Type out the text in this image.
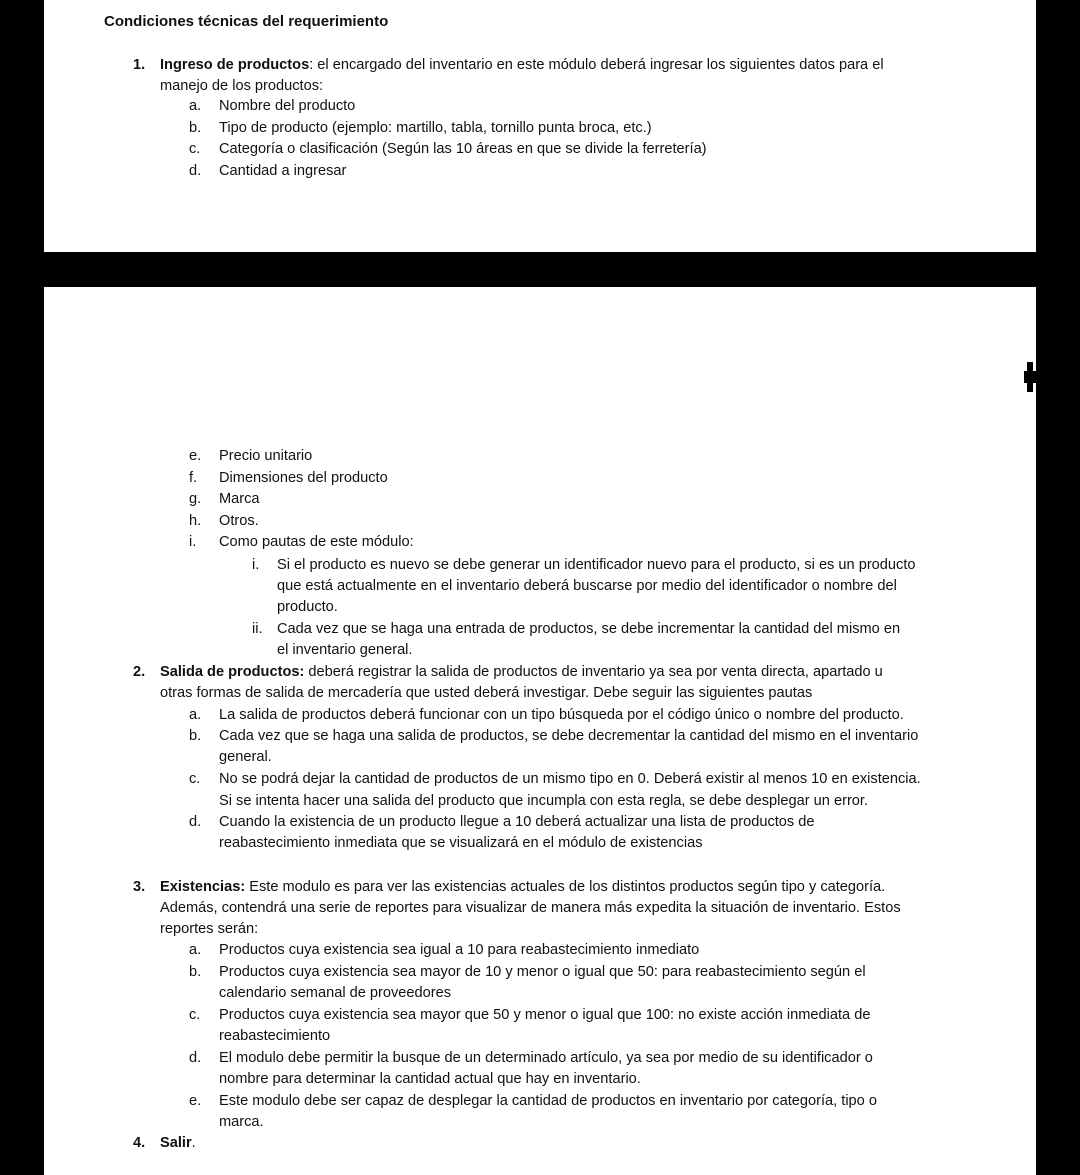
Condiciones técnicas del requerimiento
1. Ingreso de productos: el encargado del inventario en este módulo deberá ingresar los siguientes datos para el
manejo de los productos:
a. Nombre del producto
b. Tipo de producto (ejemplo: martillo, tabla, tornillo punta broca, etc.)
c. Categoría o clasificación (Según las 10 áreas en que se divide la ferretería)
d. Cantidad a ingresar
e. Precio unitario
f. Dimensiones del producto
g. Marca
h. Otros.
i. Como pautas de este módulo:
i. Si el producto es nuevo se debe generar un identificador nuevo para el producto, si es un producto
que está actualmente en el inventario deberá buscarse por medio del identificador o nombre del
producto.
ii. Cada vez que se haga una entrada de productos, se debe incrementar la cantidad del mismo en
el inventario general.
2. Salida de productos: deberá registrar la salida de productos de inventario ya sea por venta directa, apartado u
otras formas de salida de mercadería que usted deberá investigar. Debe seguir las siguientes pautas
a. La salida de productos deberá funcionar con un tipo búsqueda por el código único o nombre del producto.
b. Cada vez que se haga una salida de productos, se debe decrementar la cantidad del mismo en el inventario
general.
c. No se podrá dejar la cantidad de productos de un mismo tipo en 0. Deberá existir al menos 10 en existencia.
Si se intenta hacer una salida del producto que incumpla con esta regla, se debe desplegar un error.
d. Cuando la existencia de un producto llegue a 10 deberá actualizar una lista de productos de
reabastecimiento inmediata que se visualizará en el módulo de existencias
3. Existencias: Este modulo es para ver las existencias actuales de los distintos productos según tipo y categoría.
Además, contendrá una serie de reportes para visualizar de manera más expedita la situación de inventario. Estos
reportes serán:
a. Productos cuya existencia sea igual a 10 para reabastecimiento inmediato
b. Productos cuya existencia sea mayor de 10 y menor o igual que 50: para reabastecimiento según el
calendario semanal de proveedores
c. Productos cuya existencia sea mayor que 50 y menor o igual que 100: no existe acción inmediata de
reabastecimiento
d. El modulo debe permitir la busque de un determinado artículo, ya sea por medio de su identificador o
nombre para determinar la cantidad actual que hay en inventario.
e. Este modulo debe ser capaz de desplegar la cantidad de productos en inventario por categoría, tipo o
marca.
4. Salir.
